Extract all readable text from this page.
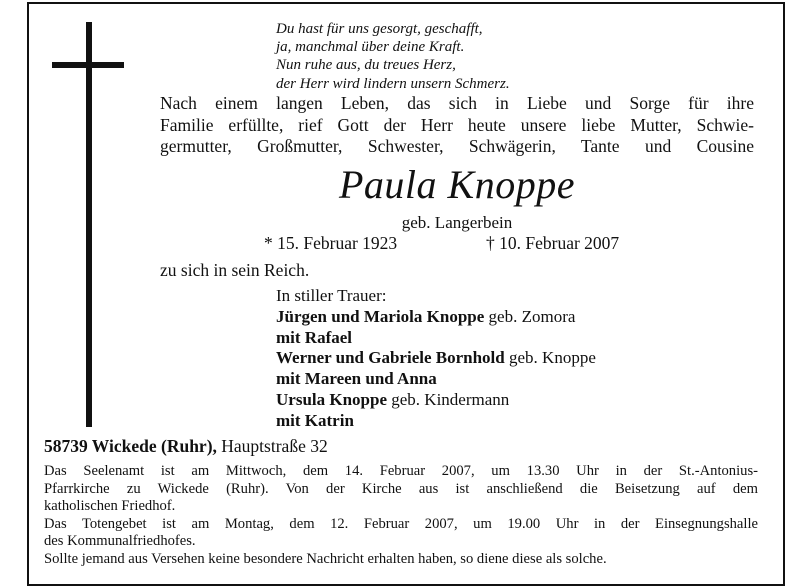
Du hast für uns gesorgt, geschafft,
ja, manchmal über deine Kraft.
Nun ruhe aus, du treues Herz,
der Herr wird lindern unsern Schmerz.
Nach einem langen Leben, das sich in Liebe und Sorge für ihre
Familie erfüllte, rief Gott der Herr heute unsere liebe Mutter, Schwie-
germutter, Großmutter, Schwester, Schwägerin, Tante und Cousine
Paula Knoppe
geb. Langerbein
* 15. Februar 1923	† 10. Februar 2007
zu sich in sein Reich.
In stiller Trauer:
Jürgen und Mariola Knoppe geb. Zomora
mit Rafael
Werner und Gabriele Bornhold geb. Knoppe
mit Mareen und Anna
Ursula Knoppe geb. Kindermann
mit Katrin
58739 Wickede (Ruhr), Hauptstraße 32
Das Seelenamt ist am Mittwoch, dem 14. Februar 2007, um 13.30 Uhr in der St.-Antonius-
Pfarrkirche zu Wickede (Ruhr). Von der Kirche aus ist anschließend die Beisetzung auf dem
katholischen Friedhof.
Das Totengebet ist am Montag, dem 12. Februar 2007, um 19.00 Uhr in der Einsegnungshalle
des Kommunalfriedhofes.
Sollte jemand aus Versehen keine besondere Nachricht erhalten haben, so diene diese als solche.
